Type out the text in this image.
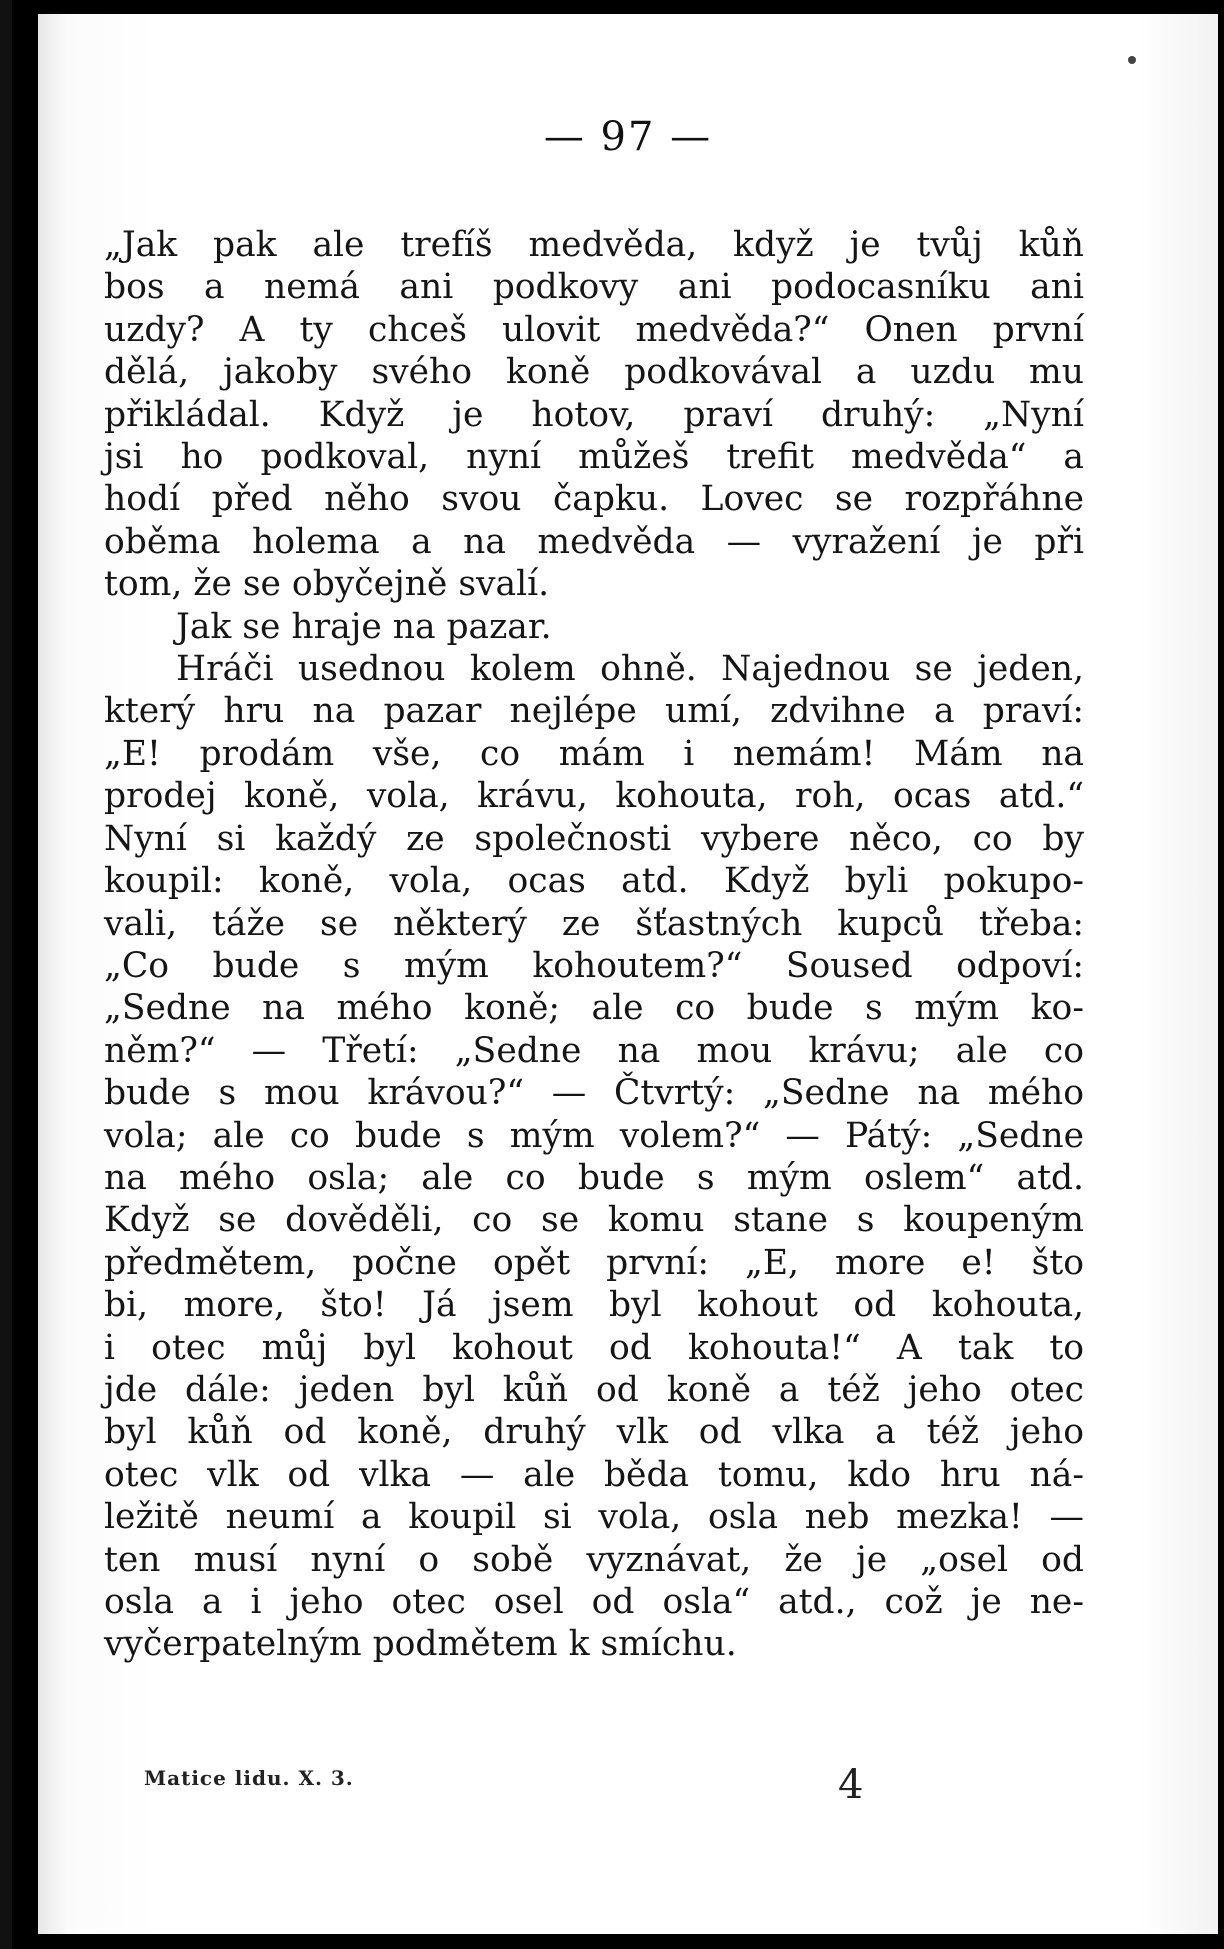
— 97 —
„Jak pak ale trefíš medvěda, když je tvůj kůň
bos a nemá ani podkovy ani podocasníku ani
uzdy? A ty chceš ulovit medvěda?“ Onen první
dělá, jakoby svého koně podkovával a uzdu mu
přikládal. Když je hotov, praví druhý: „Nyní
jsi ho podkoval, nyní můžeš trefit medvěda“ a
hodí před něho svou čapku. Lovec se rozpřáhne
oběma holema a na medvěda — vyražení je při
tom, že se obyčejně svalí.
Jak se hraje na pazar.
Hráči usednou kolem ohně. Najednou se jeden,
který hru na pazar nejlépe umí, zdvihne a praví:
„E! prodám vše, co mám i nemám! Mám na
prodej koně, vola, krávu, kohouta, roh, ocas atd.“
Nyní si každý ze společnosti vybere něco, co by
koupil: koně, vola, ocas atd. Když byli pokupo-
vali, táže se některý ze šťastných kupců třeba:
„Co bude s mým kohoutem?“ Soused odpoví:
„Sedne na mého koně; ale co bude s mým ko-
něm?“ — Třetí: „Sedne na mou krávu; ale co
bude s mou krávou?“ — Čtvrtý: „Sedne na mého
vola; ale co bude s mým volem?“ — Pátý: „Sedne
na mého osla; ale co bude s mým oslem“ atd.
Když se dověděli, co se komu stane s koupeným
předmětem, počne opět první: „E, more e! što
bi, more, što! Já jsem byl kohout od kohouta,
i otec můj byl kohout od kohouta!“ A tak to
jde dále: jeden byl kůň od koně a též jeho otec
byl kůň od koně, druhý vlk od vlka a též jeho
otec vlk od vlka — ale běda tomu, kdo hru ná-
ležitě neumí a koupil si vola, osla neb mezka! —
ten musí nyní o sobě vyznávat, že je „osel od
osla a i jeho otec osel od osla“ atd., což je ne-
vyčerpatelným podmětem k smíchu.
Matice lidu. X. 3.	4
